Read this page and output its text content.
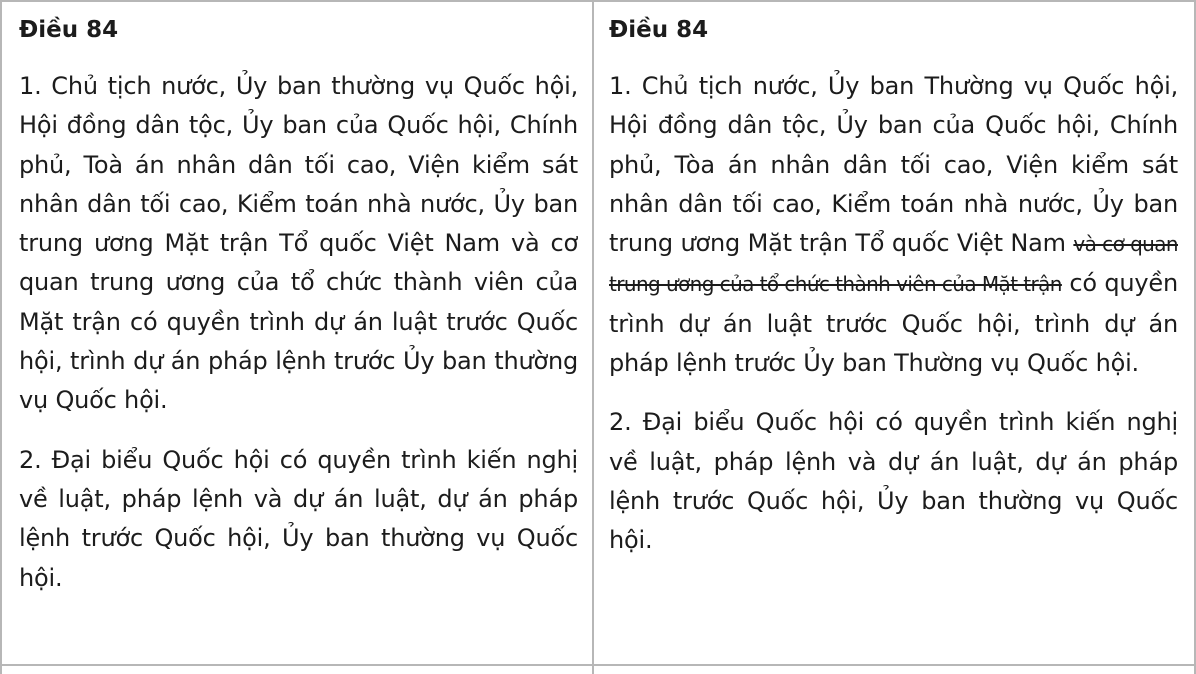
Điều 84

1. Chủ tịch nước, Ủy ban thường vụ Quốc hội, Hội đồng dân tộc, Ủy ban của Quốc hội, Chính phủ, Toà án nhân dân tối cao, Viện kiểm sát nhân dân tối cao, Kiểm toán nhà nước, Ủy ban trung ương Mặt trận Tổ quốc Việt Nam và cơ quan trung ương của tổ chức thành viên của Mặt trận có quyền trình dự án luật trước Quốc hội, trình dự án pháp lệnh trước Ủy ban thường vụ Quốc hội.

2. Đại biểu Quốc hội có quyền trình kiến nghị về luật, pháp lệnh và dự án luật, dự án pháp lệnh trước Quốc hội, Ủy ban thường vụ Quốc hội.

Điều 84

1. Chủ tịch nước, Ủy ban Thường vụ Quốc hội, Hội đồng dân tộc, Ủy ban của Quốc hội, Chính phủ, Tòa án nhân dân tối cao, Viện kiểm sát nhân dân tối cao, Kiểm toán nhà nước, Ủy ban trung ương Mặt trận Tổ quốc Việt Nam và cơ quan trung ương của tổ chức thành viên của Mặt trận có quyền trình dự án luật trước Quốc hội, trình dự án pháp lệnh trước Ủy ban Thường vụ Quốc hội.

2. Đại biểu Quốc hội có quyền trình kiến nghị về luật, pháp lệnh và dự án luật, dự án pháp lệnh trước Quốc hội, Ủy ban thường vụ Quốc hội.
